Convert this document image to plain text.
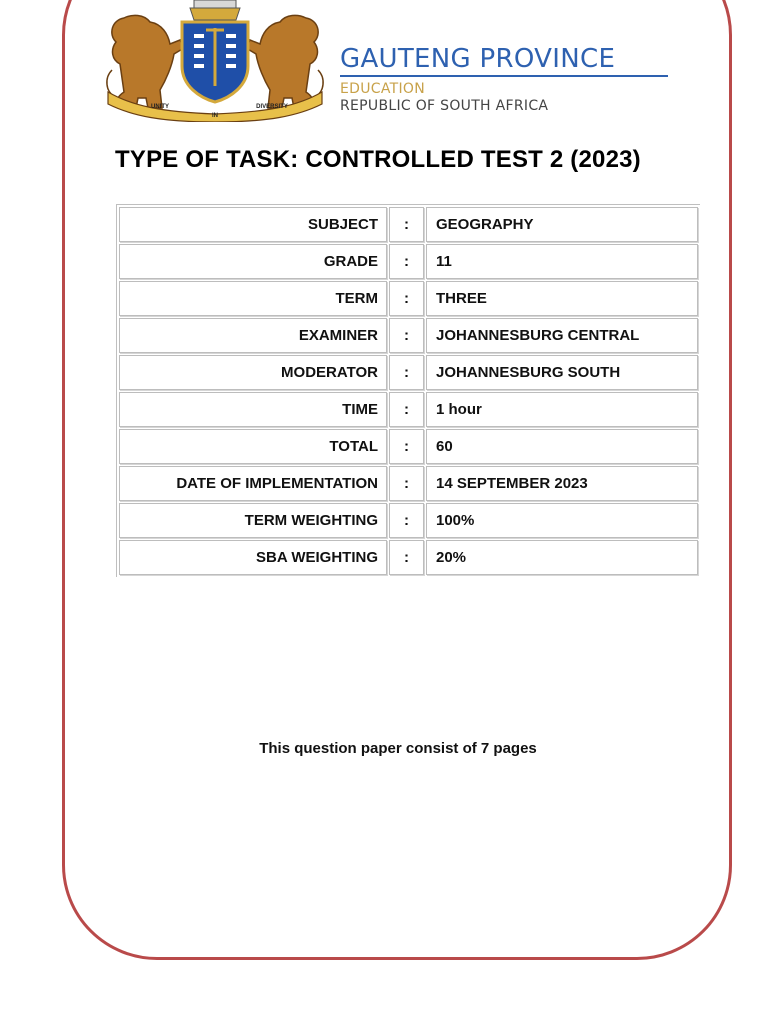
UNITY
IN
DIVERSITY
GAUTENG PROVINCE
EDUCATION
REPUBLIC OF SOUTH AFRICA
TYPE OF TASK: CONTROLLED TEST 2 (2023)
SUBJECT	:	GEOGRAPHY
GRADE	:	11
TERM	:	THREE
EXAMINER	:	JOHANNESBURG CENTRAL
MODERATOR	:	JOHANNESBURG SOUTH
TIME	:	1 hour
TOTAL	:	60
DATE OF IMPLEMENTATION	:	14 SEPTEMBER 2023
TERM WEIGHTING	:	100%
SBA WEIGHTING	:	20%
This question paper consist of 7 pages
